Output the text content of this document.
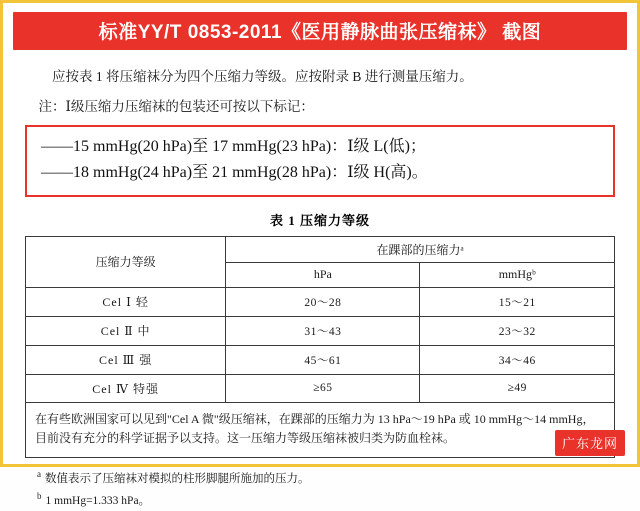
标准YY/T 0853-2011《医用静脉曲张压缩袜》 截图
应按表 1 将压缩袜分为四个压缩力等级。应按附录 B 进行测量压缩力。
注：Ⅰ级压缩力压缩袜的包装还可按以下标记：
——15 mmHg(20 hPa)至 17 mmHg(23 hPa)：Ⅰ级 L(低)；
——18 mmHg(24 hPa)至 21 mmHg(28 hPa)：Ⅰ级 H(高)。
表 1 压缩力等级
压缩力等级	在踝部的压缩力ᵃ	
	hPa	mmHgᵇ
Cel Ⅰ 轻	20～28	15～21
Cel Ⅱ 中	31～43	23～32
Cel Ⅲ 强	45～61	34～46
Cel Ⅳ 特强	≥65	≥49
在有些欧洲国家可以见到"Cel A 微"级压缩袜，在踝部的压缩力为 13 hPa～19 hPa 或 10 mmHg～14 mmHg，目前没有充分的科学证据予以支持。这一压缩力等级压缩袜被归类为防血栓袜。
$^a$ 数值表示了压缩袜对模拟的柱形脚腿所施加的压力。
$^b$ 1 mmHg=1.333 hPa。
广东龙网
